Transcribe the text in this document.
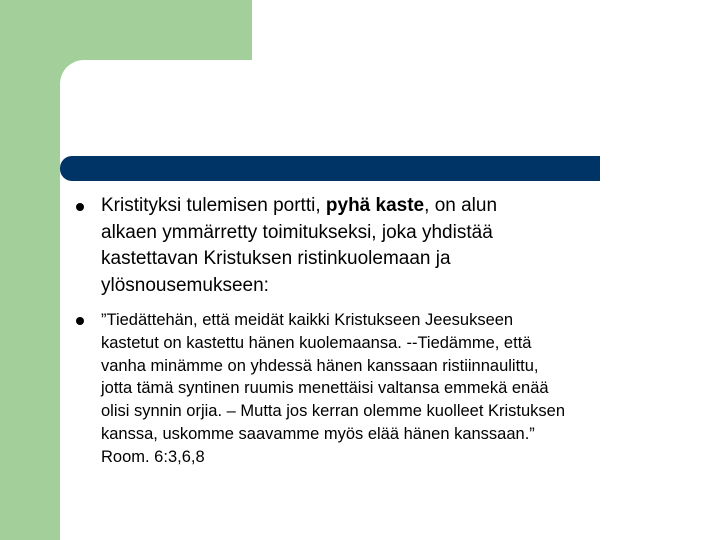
Kristityksi tulemisen portti, pyhä kaste, on alun
alkaen ymmärretty toimitukseksi, joka yhdistää
kastettavan Kristuksen ristinkuolemaan ja
ylösnousemukseen:
”Tiedättehän, että meidät kaikki Kristukseen Jeesukseen
kastetut on kastettu hänen kuolemaansa. --Tiedämme, että
vanha minämme on yhdessä hänen kanssaan ristiinnaulittu,
jotta tämä syntinen ruumis menettäisi valtansa emmekä enää
olisi synnin orjia. – Mutta jos kerran olemme kuolleet Kristuksen
kanssa, uskomme saavamme myös elää hänen kanssaan.”
Room. 6:3,6,8
